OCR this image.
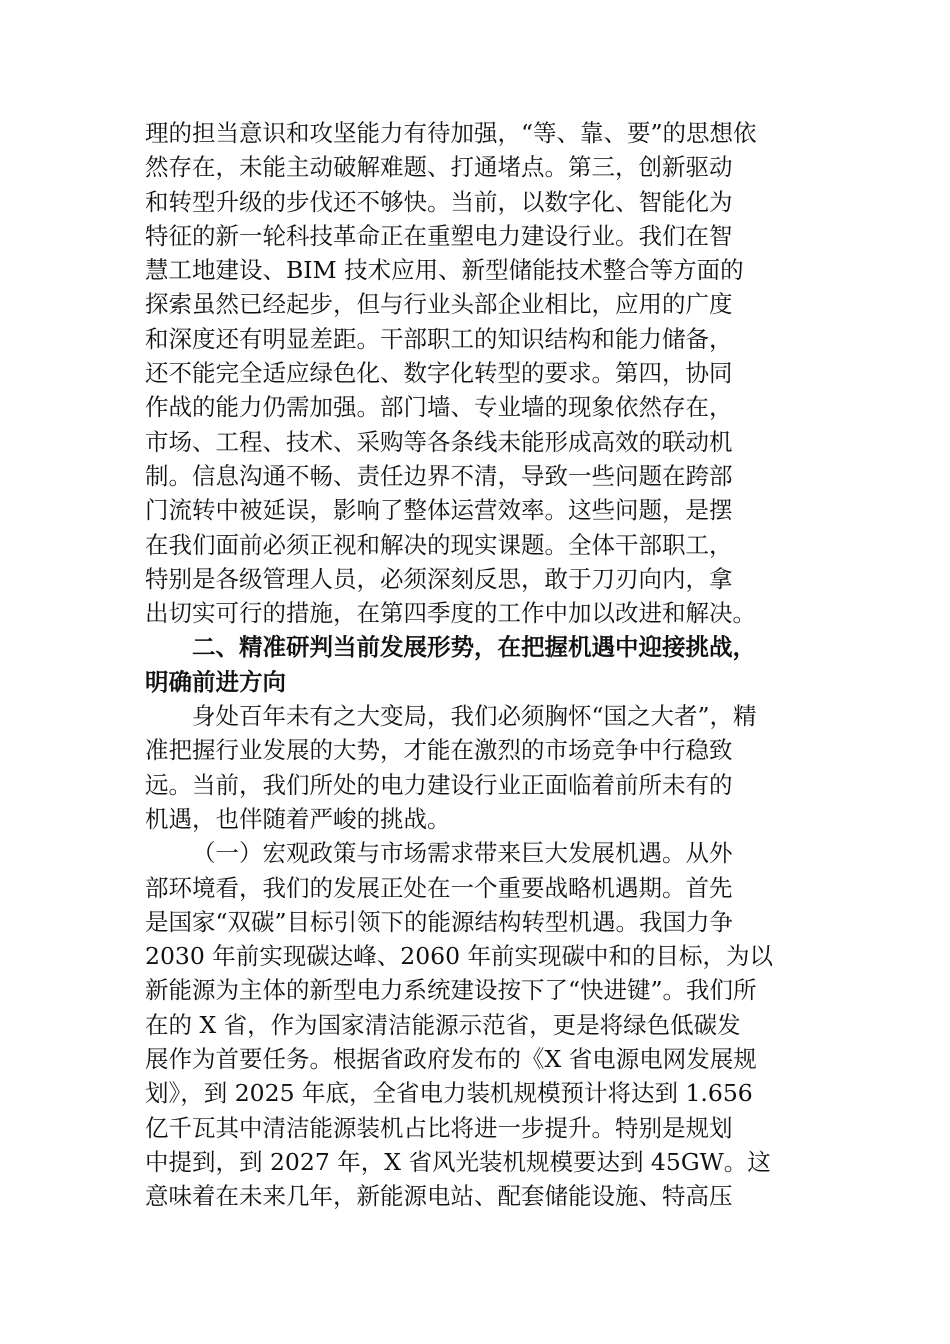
理的担当意识和攻坚能力有待加强，“等、靠、要”的思想依
然存在，未能主动破解难题、打通堵点。第三，创新驱动
和转型升级的步伐还不够快。当前，以数字化、智能化为
特征的新一轮科技革命正在重塑电力建设行业。我们在智
慧工地建设、BIM 技术应用、新型储能技术整合等方面的
探索虽然已经起步，但与行业头部企业相比，应用的广度
和深度还有明显差距。干部职工的知识结构和能力储备，
还不能完全适应绿色化、数字化转型的要求。第四，协同
作战的能力仍需加强。部门墙、专业墙的现象依然存在，
市场、工程、技术、采购等各条线未能形成高效的联动机
制。信息沟通不畅、责任边界不清，导致一些问题在跨部
门流转中被延误，影响了整体运营效率。这些问题，是摆
在我们面前必须正视和解决的现实课题。全体干部职工，
特别是各级管理人员，必须深刻反思，敢于刀刃向内，拿
出切实可行的措施，在第四季度的工作中加以改进和解决。
二、精准研判当前发展形势，在把握机遇中迎接挑战，
明确前进方向
身处百年未有之大变局，我们必须胸怀“国之大者”，精
准把握行业发展的大势，才能在激烈的市场竞争中行稳致
远。当前，我们所处的电力建设行业正面临着前所未有的
机遇，也伴随着严峻的挑战。
（一）宏观政策与市场需求带来巨大发展机遇。从外
部环境看，我们的发展正处在一个重要战略机遇期。首先
是国家“双碳”目标引领下的能源结构转型机遇。我国力争
2030 年前实现碳达峰、2060 年前实现碳中和的目标，为以
新能源为主体的新型电力系统建设按下了“快进键”。我们所
在的 X 省，作为国家清洁能源示范省，更是将绿色低碳发
展作为首要任务。根据省政府发布的《X 省电源电网发展规
划》，到 2025 年底，全省电力装机规模预计将达到 1.656
亿千瓦其中清洁能源装机占比将进一步提升。特别是规划
中提到，到 2027 年，X 省风光装机规模要达到 45GW。这
意味着在未来几年，新能源电站、配套储能设施、特高压
